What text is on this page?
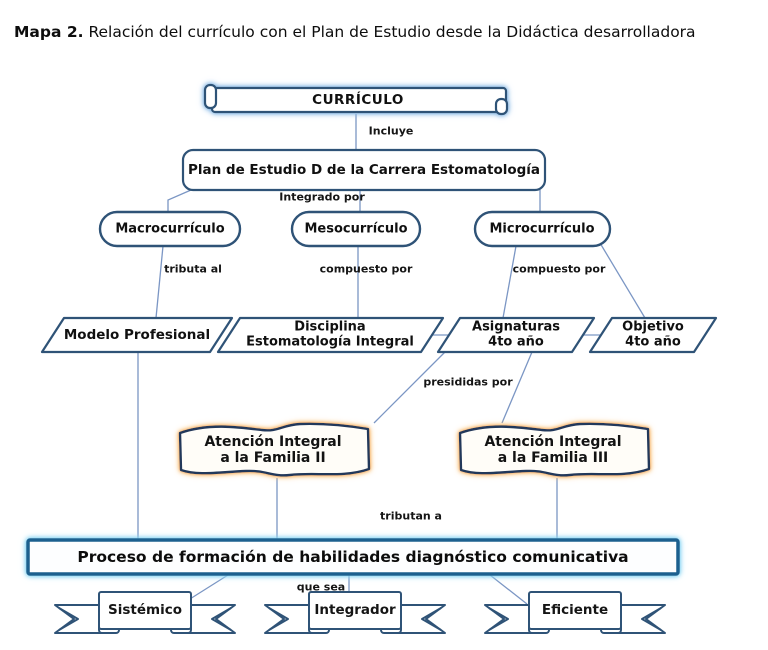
Mapa 2. Relación del currículo con el Plan de Estudio desde la Didáctica desarrolladora

CURRÍCULO
Plan de Estudio D de la Carrera Estomatología
Macrocurrículo	Mesocurrículo	Microcurrículo
Modelo Profesional
Disciplina
Estomatología Integral
Asignaturas
4to año
Objetivo
4to año
Atención Integral
a la Familia II
Atención Integral
a la Familia III
Proceso de formación de habilidades diagnóstico comunicativa
Sistémico	Integrador	Eficiente
Incluye
Integrado por
tributa al	compuesto por	compuesto por
presididas por
tributan a
que sea
